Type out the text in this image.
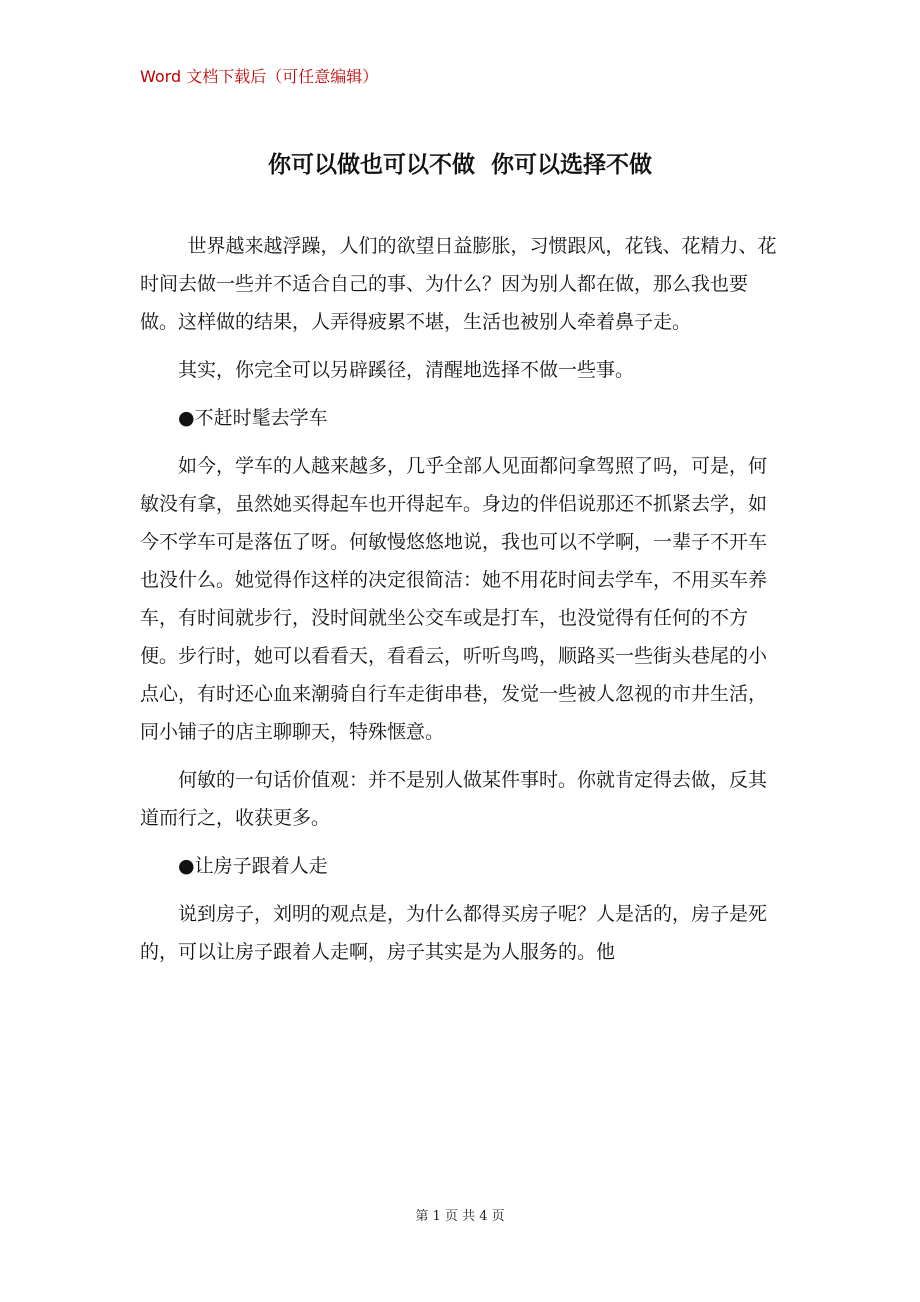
Word 文档下载后（可任意编辑）
你可以做也可以不做  你可以选择不做

世界越来越浮躁，人们的欲望日益膨胀，习惯跟风，花钱、花精力、花时间去做一些并不适合自己的事、为什么？因为别人都在做，那么我也要做。这样做的结果，人弄得疲累不堪，生活也被别人牵着鼻子走。

其实，你完全可以另辟蹊径，清醒地选择不做一些事。

●不赶时髦去学车

如今，学车的人越来越多，几乎全部人见面都问拿驾照了吗，可是，何敏没有拿，虽然她买得起车也开得起车。身边的伴侣说那还不抓紧去学，如今不学车可是落伍了呀。何敏慢悠悠地说，我也可以不学啊，一辈子不开车也没什么。她觉得作这样的决定很简洁：她不用花时间去学车，不用买车养车，有时间就步行，没时间就坐公交车或是打车，也没觉得有任何的不方便。步行时，她可以看看天，看看云，听听鸟鸣，顺路买一些街头巷尾的小点心，有时还心血来潮骑自行车走街串巷，发觉一些被人忽视的市井生活，同小铺子的店主聊聊天，特殊惬意。

何敏的一句话价值观：并不是别人做某件事时。你就肯定得去做，反其道而行之，收获更多。

●让房子跟着人走

说到房子，刘明的观点是，为什么都得买房子呢？人是活的，房子是死的，可以让房子跟着人走啊，房子其实是为人服务的。他

第 1 页 共 4 页
